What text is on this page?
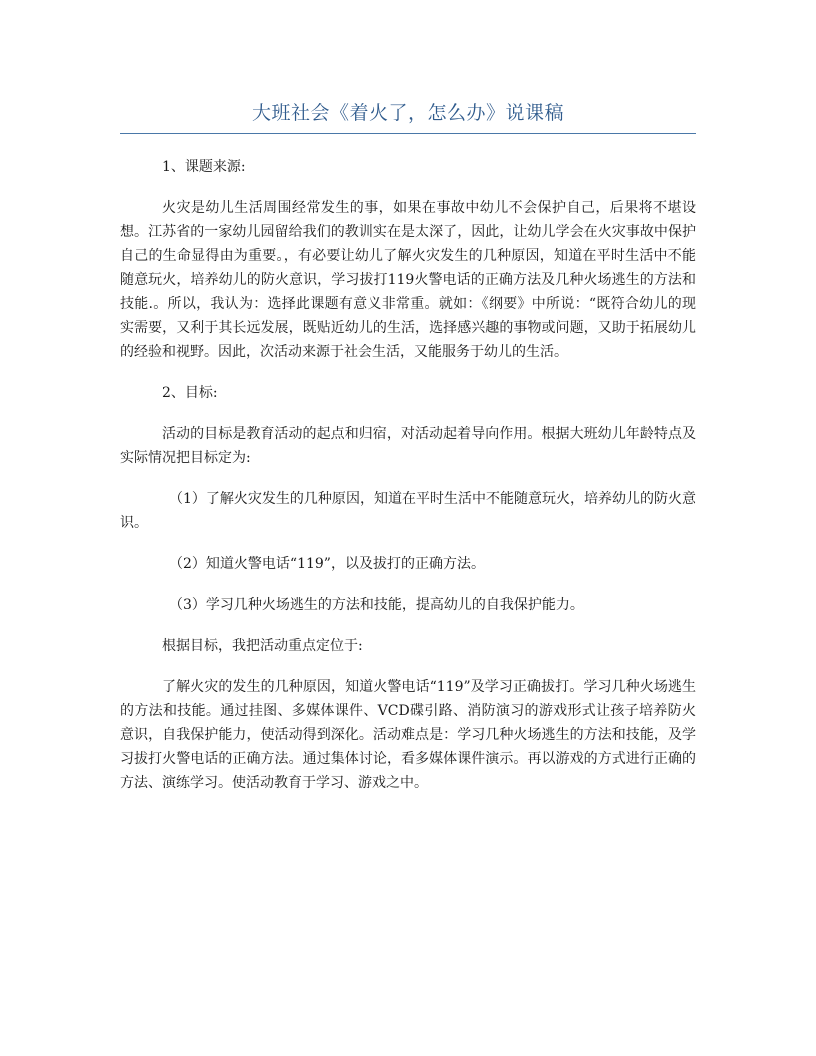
大班社会《着火了，怎么办》说课稿

1、课题来源:

火灾是幼儿生活周围经常发生的事，如果在事故中幼儿不会保护自己，后果将不堪设想。江苏省的一家幼儿园留给我们的教训实在是太深了，因此，让幼儿学会在火灾事故中保护自己的生命显得由为重要。，有必要让幼儿了解火灾发生的几种原因，知道在平时生活中不能随意玩火，培养幼儿的防火意识，学习拔打119火警电话的正确方法及几种火场逃生的方法和技能.。所以，我认为：选择此课题有意义非常重。就如：《纲要》中所说：“既符合幼儿的现实需要，又利于其长远发展，既贴近幼儿的生活，选择感兴趣的事物或问题，又助于拓展幼儿的经验和视野。因此，次活动来源于社会生活，又能服务于幼儿的生活。

2、目标:

活动的目标是教育活动的起点和归宿，对活动起着导向作用。根据大班幼儿年龄特点及实际情况把目标定为:

（1）了解火灾发生的几种原因，知道在平时生活中不能随意玩火，培养幼儿的防火意识。

（2）知道火警电话“119”，以及拔打的正确方法。

（3）学习几种火场逃生的方法和技能，提高幼儿的自我保护能力。

根据目标，我把活动重点定位于:

了解火灾的发生的几种原因，知道火警电话“119”及学习正确拔打。学习几种火场逃生的方法和技能。通过挂图、多媒体课件、VCD碟引路、消防演习的游戏形式让孩子培养防火意识，自我保护能力，使活动得到深化。活动难点是：学习几种火场逃生的方法和技能，及学习拔打火警电话的正确方法。通过集体讨论，看多媒体课件演示。再以游戏的方式进行正确的方法、演练学习。使活动教育于学习、游戏之中。
